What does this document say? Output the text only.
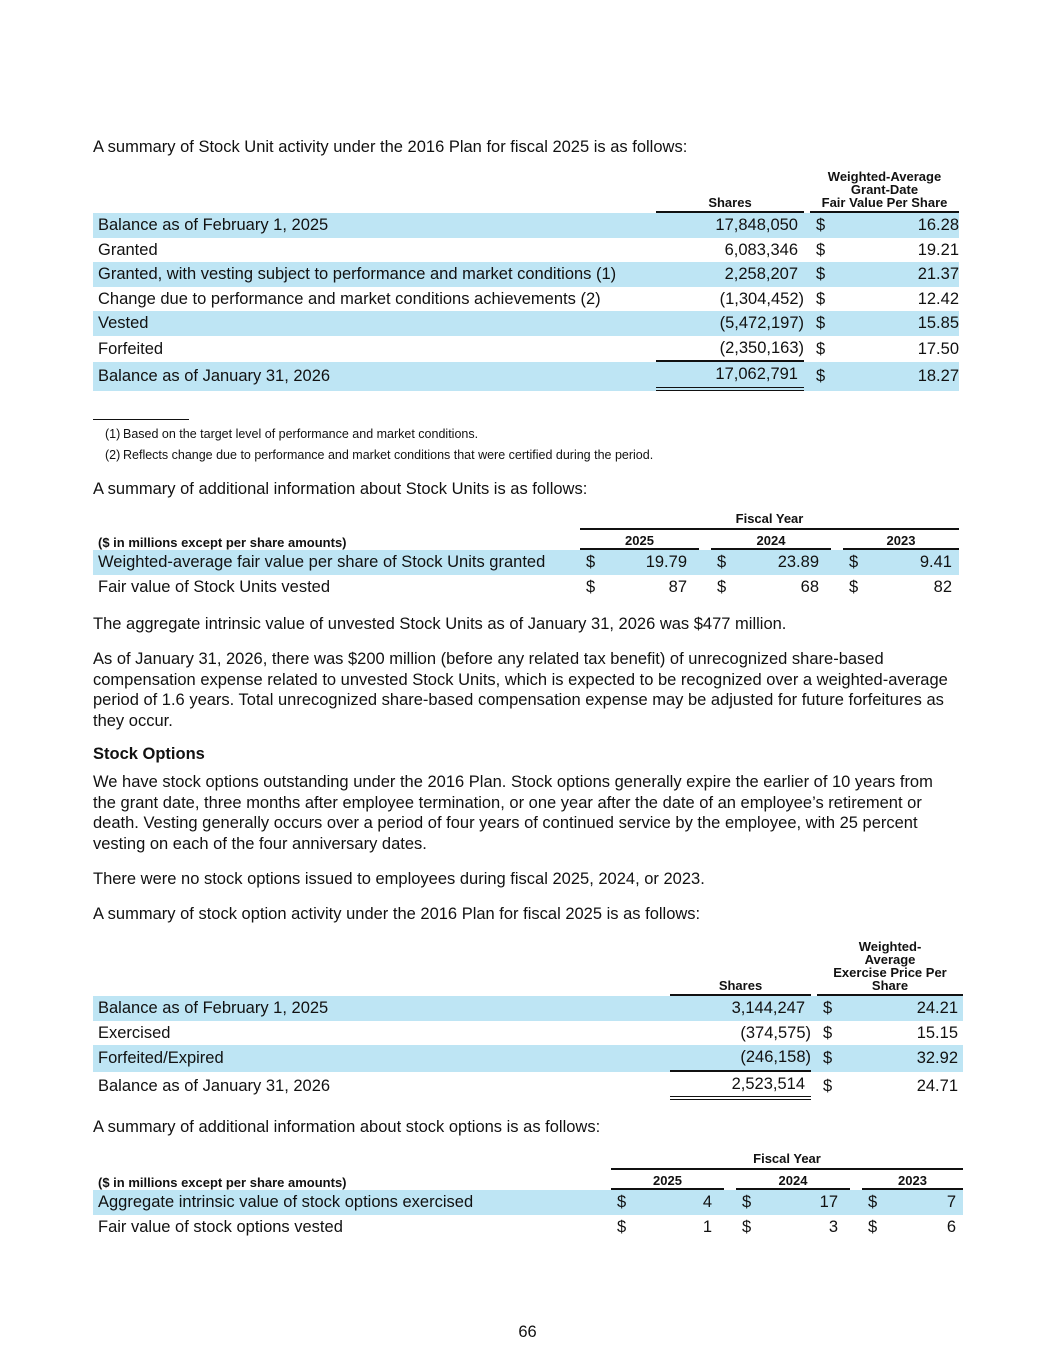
A summary of Stock Unit activity under the 2016 Plan for fiscal 2025 is as follows:

	Shares		Weighted-Average
Grant-Date
Fair Value Per Share	
Balance as of February 1, 2025	17,848,050		$	16.28
Granted	6,083,346		$	19.21
Granted, with vesting subject to performance and market conditions (1)	2,258,207		$	21.37
Change due to performance and market conditions achievements (2)	(1,304,452)		$	12.42
Vested	(5,472,197)		$	15.85
Forfeited	(2,350,163)		$	17.50
Balance as of January 31, 2026	17,062,791		$	18.27
(1) Based on the target level of performance and market conditions.
(2) Reflects change due to performance and market conditions that were certified during the period.

A summary of additional information about Stock Units is as follows:

	Fiscal Year							
($ in millions except per share amounts)	2025			2024			2023	
Weighted-average fair value per share of Stock Units granted	$	19.79		$	23.89		$	9.41
Fair value of Stock Units vested	$	87		$	68		$	82

The aggregate intrinsic value of unvested Stock Units as of January 31, 2026 was $477 million.

As of January 31, 2026, there was $200 million (before any related tax benefit) of unrecognized share-based compensation expense related to unvested Stock Units, which is expected to be recognized over a weighted-average period of 1.6 years. Total unrecognized share-based compensation expense may be adjusted for future forfeitures as they occur.

Stock Options

We have stock options outstanding under the 2016 Plan. Stock options generally expire the earlier of 10 years from the grant date, three months after employee termination, or one year after the date of an employee’s retirement or death. Vesting generally occurs over a period of four years of continued service by the employee, with 25 percent vesting on each of the four anniversary dates.

There were no stock options issued to employees during fiscal 2025, 2024, or 2023.

A summary of stock option activity under the 2016 Plan for fiscal 2025 is as follows:

	Shares		Weighted-
Average
Exercise Price Per
Share	
Balance as of February 1, 2025	3,144,247		$	24.21
Exercised	(374,575)		$	15.15
Forfeited/Expired	(246,158)		$	32.92
Balance as of January 31, 2026	2,523,514		$	24.71

A summary of additional information about stock options is as follows:

	Fiscal Year							
($ in millions except per share amounts)	2025			2024			2023	
Aggregate intrinsic value of stock options exercised	$	4		$	17		$	7
Fair value of stock options vested	$	1		$	3		$	6
66
